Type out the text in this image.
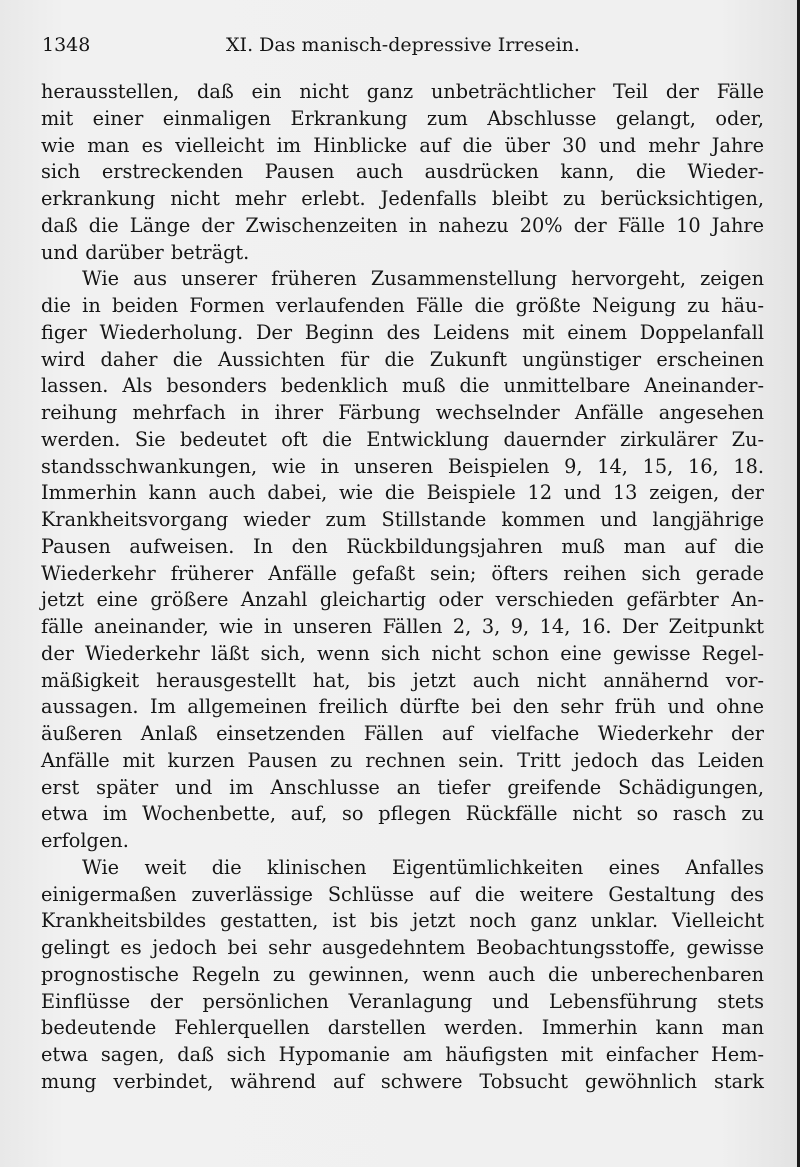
1348	XI. Das manisch-depressive Irresein.
herausstellen, daß ein nicht ganz unbeträchtlicher Teil der Fälle
mit einer einmaligen Erkrankung zum Abschlusse gelangt, oder,
wie man es vielleicht im Hinblicke auf die über 30 und mehr Jahre
sich erstreckenden Pausen auch ausdrücken kann, die Wieder-
erkrankung nicht mehr erlebt. Jedenfalls bleibt zu berücksichtigen,
daß die Länge der Zwischenzeiten in nahezu 20% der Fälle 10 Jahre
und darüber beträgt.
Wie aus unserer früheren Zusammenstellung hervorgeht, zeigen
die in beiden Formen verlaufenden Fälle die größte Neigung zu häu-
figer Wiederholung. Der Beginn des Leidens mit einem Doppelanfall
wird daher die Aussichten für die Zukunft ungünstiger erscheinen
lassen. Als besonders bedenklich muß die unmittelbare Aneinander-
reihung mehrfach in ihrer Färbung wechselnder Anfälle angesehen
werden. Sie bedeutet oft die Entwicklung dauernder zirkulärer Zu-
standsschwankungen, wie in unseren Beispielen 9, 14, 15, 16, 18.
Immerhin kann auch dabei, wie die Beispiele 12 und 13 zeigen, der
Krankheitsvorgang wieder zum Stillstande kommen und langjährige
Pausen aufweisen. In den Rückbildungsjahren muß man auf die
Wiederkehr früherer Anfälle gefaßt sein; öfters reihen sich gerade
jetzt eine größere Anzahl gleichartig oder verschieden gefärbter An-
fälle aneinander, wie in unseren Fällen 2, 3, 9, 14, 16. Der Zeitpunkt
der Wiederkehr läßt sich, wenn sich nicht schon eine gewisse Regel-
mäßigkeit herausgestellt hat, bis jetzt auch nicht annähernd vor-
aussagen. Im allgemeinen freilich dürfte bei den sehr früh und ohne
äußeren Anlaß einsetzenden Fällen auf vielfache Wiederkehr der
Anfälle mit kurzen Pausen zu rechnen sein. Tritt jedoch das Leiden
erst später und im Anschlusse an tiefer greifende Schädigungen,
etwa im Wochenbette, auf, so pflegen Rückfälle nicht so rasch zu
erfolgen.
Wie weit die klinischen Eigentümlichkeiten eines Anfalles
einigermaßen zuverlässige Schlüsse auf die weitere Gestaltung des
Krankheitsbildes gestatten, ist bis jetzt noch ganz unklar. Vielleicht
gelingt es jedoch bei sehr ausgedehntem Beobachtungsstoffe, gewisse
prognostische Regeln zu gewinnen, wenn auch die unberechenbaren
Einflüsse der persönlichen Veranlagung und Lebensführung stets
bedeutende Fehlerquellen darstellen werden. Immerhin kann man
etwa sagen, daß sich Hypomanie am häufigsten mit einfacher Hem-
mung verbindet, während auf schwere Tobsucht gewöhnlich stark
